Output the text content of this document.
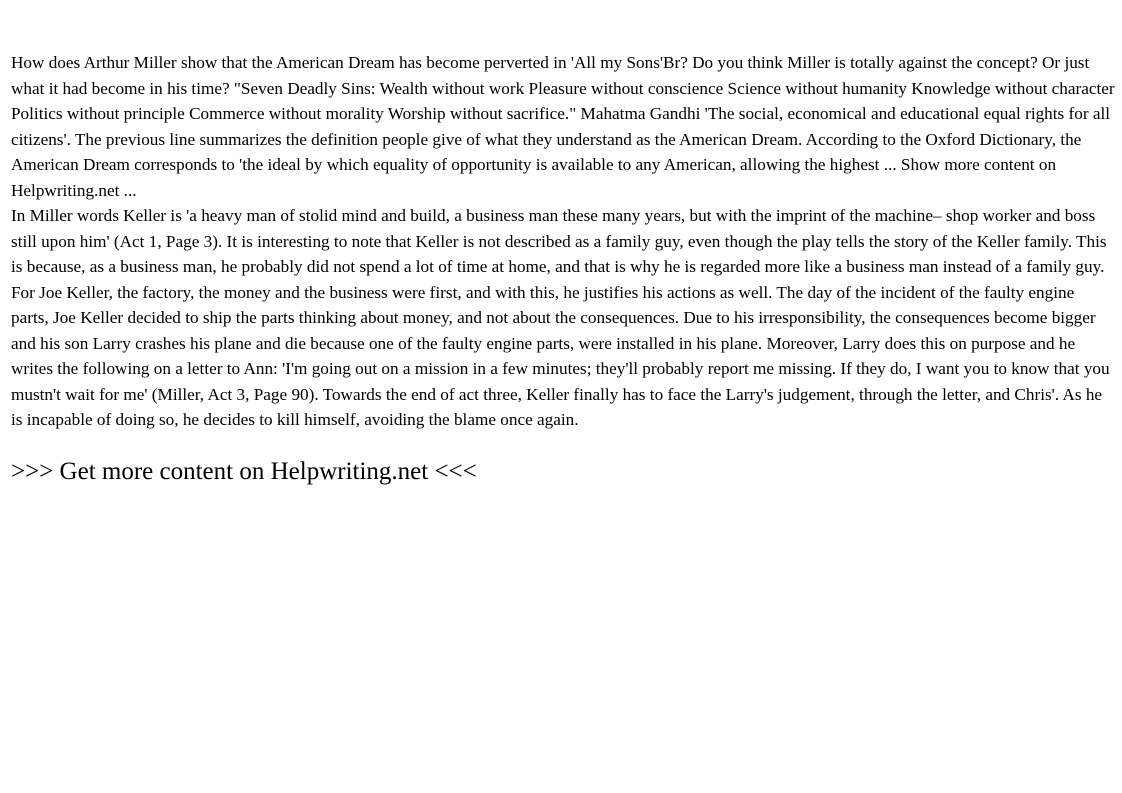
How does Arthur Miller show that the American Dream has become perverted in 'All my Sons'Br? Do you think Miller is totally against the concept? Or just what it had become in his time? "Seven Deadly Sins: Wealth without work Pleasure without conscience Science without humanity Knowledge without character Politics without principle Commerce without morality Worship without sacrifice." Mahatma Gandhi 'The social, economical and educational equal rights for all citizens'. The previous line summarizes the definition people give of what they understand as the American Dream. According to the Oxford Dictionary, the American Dream corresponds to 'the ideal by which equality of opportunity is available to any American, allowing the highest ... Show more content on Helpwriting.net ...

In Miller words Keller is 'a heavy man of stolid mind and build, a business man these many years, but with the imprint of the machine– shop worker and boss still upon him' (Act 1, Page 3). It is interesting to note that Keller is not described as a family guy, even though the play tells the story of the Keller family. This is because, as a business man, he probably did not spend a lot of time at home, and that is why he is regarded more like a business man instead of a family guy. For Joe Keller, the factory, the money and the business were first, and with this, he justifies his actions as well. The day of the incident of the faulty engine parts, Joe Keller decided to ship the parts thinking about money, and not about the consequences. Due to his irresponsibility, the consequences become bigger and his son Larry crashes his plane and die because one of the faulty engine parts, were installed in his plane. Moreover, Larry does this on purpose and he writes the following on a letter to Ann: 'I'm going out on a mission in a few minutes; they'll probably report me missing. If they do, I want you to know that you mustn't wait for me' (Miller, Act 3, Page 90). Towards the end of act three, Keller finally has to face the Larry's judgement, through the letter, and Chris'. As he is incapable of doing so, he decides to kill himself, avoiding the blame once again.

>>> Get more content on Helpwriting.net <<<
